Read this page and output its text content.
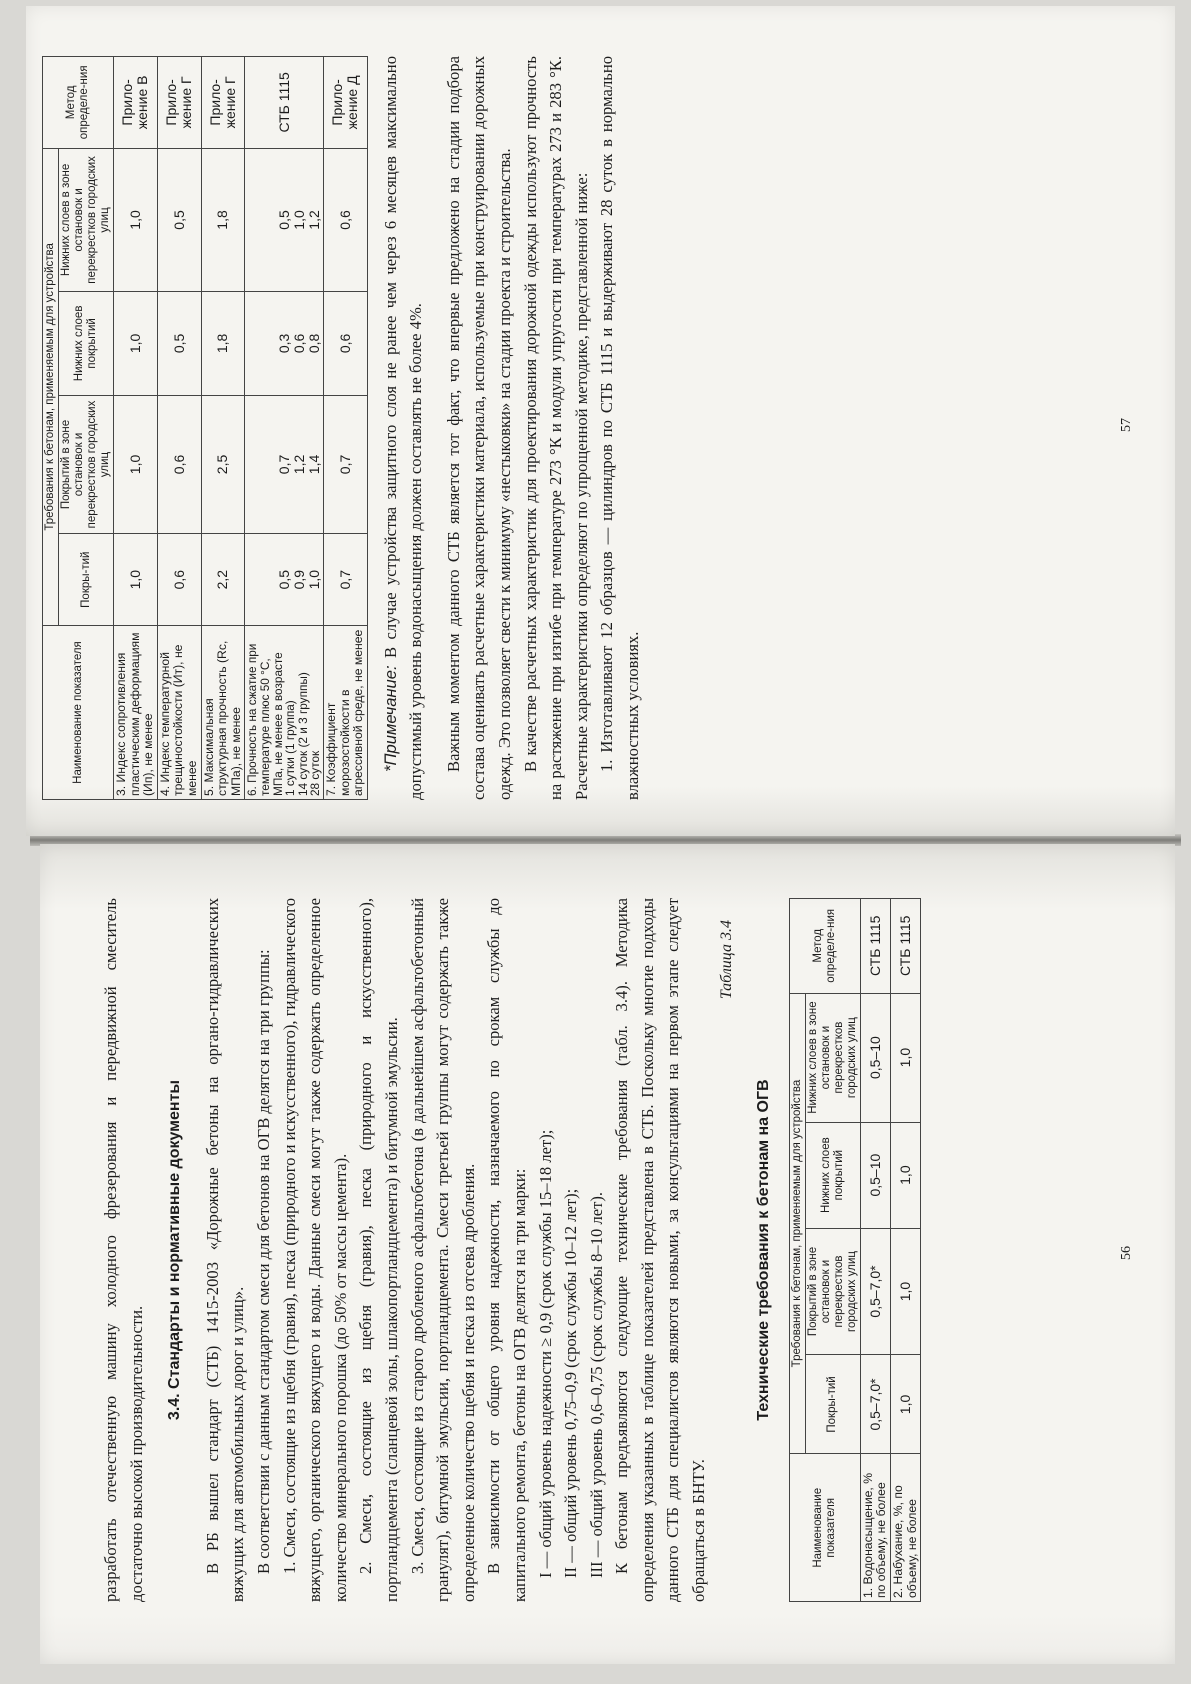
разработать отечественную машину холодного фрезерования и передвижной смеситель достаточно высокой производительности.

3.4. Стандарты и нормативные документы В РБ вышел стандарт (СТБ) 1415-2003 «Дорожные бетоны на органо-гидравлических вяжущих для автомобильных дорог и улиц». В соответствии с данным стандартом смеси для бетонов на ОГВ делятся на три группы: 1. Смеси, состоящие из щебня (гравия), песка (природного и искусственного), гидравлического вяжущего, органического вяжущего и воды. Данные смеси могут также содержать определенное количество минерального порошка (до 50% от массы цемента). 2. Смеси, состоящие из щебня (гравия), песка (природного и искусственного), портландцемента (сланцевой золы, шлакопортландцемента) и битумной эмульсии. 3. Смеси, состоящие из старого дробленого асфальтобетона (в дальнейшем асфальтобетонный гранулят), битумной эмульсии, портландцемента. Смеси третьей группы могут содержать также определенное количество щебня и песка из отсева дробления. В зависимости от общего уровня надежности, назначаемого по срокам службы до капитального ремонта, бетоны на ОГВ делятся на три марки: I — общий уровень надежности ≥ 0,9 (срок службы 15–18 лет); II — общий уровень 0,75–0,9 (срок службы 10–12 лет); III — общий уровень 0,6–0,75 (срок службы 8–10 лет). К бетонам предъявляются следующие технические требования (табл. 3.4). Методика определения указанных в таблице показателей представлена в СТБ. Поскольку многие подходы данного СТБ для специалистов являются новыми, за консультациями на первом этапе следует обращаться в БНТУ.

Таблица 3.4
Технические требования к бетонам на ОГВ
Наименование показателя	Требования к бетонам, применяемым для устройства				Метод определе-ния
	Покры-тий	Покрытий в зоне остановок и перекрестков городских улиц	Нижних слоев покрытий	Нижних слоев в зоне остановок и перекрестков городских улиц	
1. Водонасыщение, % по объему, не более	0,5–7,0*	0,5–7,0*	0,5–10	0,5–10	СТБ 1115
2. Набухание, %, по объему, не более	1,0	1,0	1,0	1,0	СТБ 1115
56
Наименование показателя	Требования к бетонам, применяемым для устройства				Метод определе-ния
	Покры-тий	Покрытий в зоне остановок и перекрестков городских улиц	Нижних слоев покрытий	Нижних слоев в зоне остановок и перекрестков городских улиц	
3. Индекс сопротивления пластическим деформациям (Ип), не менее	1,0	1,0	1,0	1,0	Прило-жение В
4. Индекс температурной трещиностойкости (Ит), не менее	0,6	0,6	0,5	0,5	Прило-жение Г
5. Максимальная структурная прочность (Rc, МПа), не менее	2,2	2,5	1,8	1,8	Прило-жение Г

6. Прочность на сжатие при температуре плюс 50 °С, МПа, не менее в возрасте
1 сутки (1 группа)
14 суток (2 и 3 группы)
28 суток	0,5 0,9 1,0	0,7 1,2 1,4	0,3 0,6 0,8	0,5 1,0 1,2	СТБ 1115
7. Коэффициент морозостойкости в агрессивной среде, не менее	0,7	0,7	0,6	0,6	Прило-жение Д

*Примечание: В случае устройства защитного слоя не ранее чем через 6 месяцев максимально допустимый уровень водонасыщения должен составлять не более 4%. Важным моментом данного СТБ является тот факт, что впервые предложено на стадии подбора состава оценивать расчетные характеристики материала, используемые при конструировании дорожных одежд. Это позволяет свести к минимуму «нестыковки» на стадии проекта и строительства. В качестве расчетных характеристик для проектирования дорожной одежды используют прочность на растяжение при изгибе при температуре 273 °К и модули упругости при температурах 273 и 283 °К. Расчетные характеристики определяют по упрощенной методике, представленной ниже: 1. Изготавливают 12 образцов — цилиндров по СТБ 1115 и выдерживают 28 суток в нормально влажностных условиях.

57
